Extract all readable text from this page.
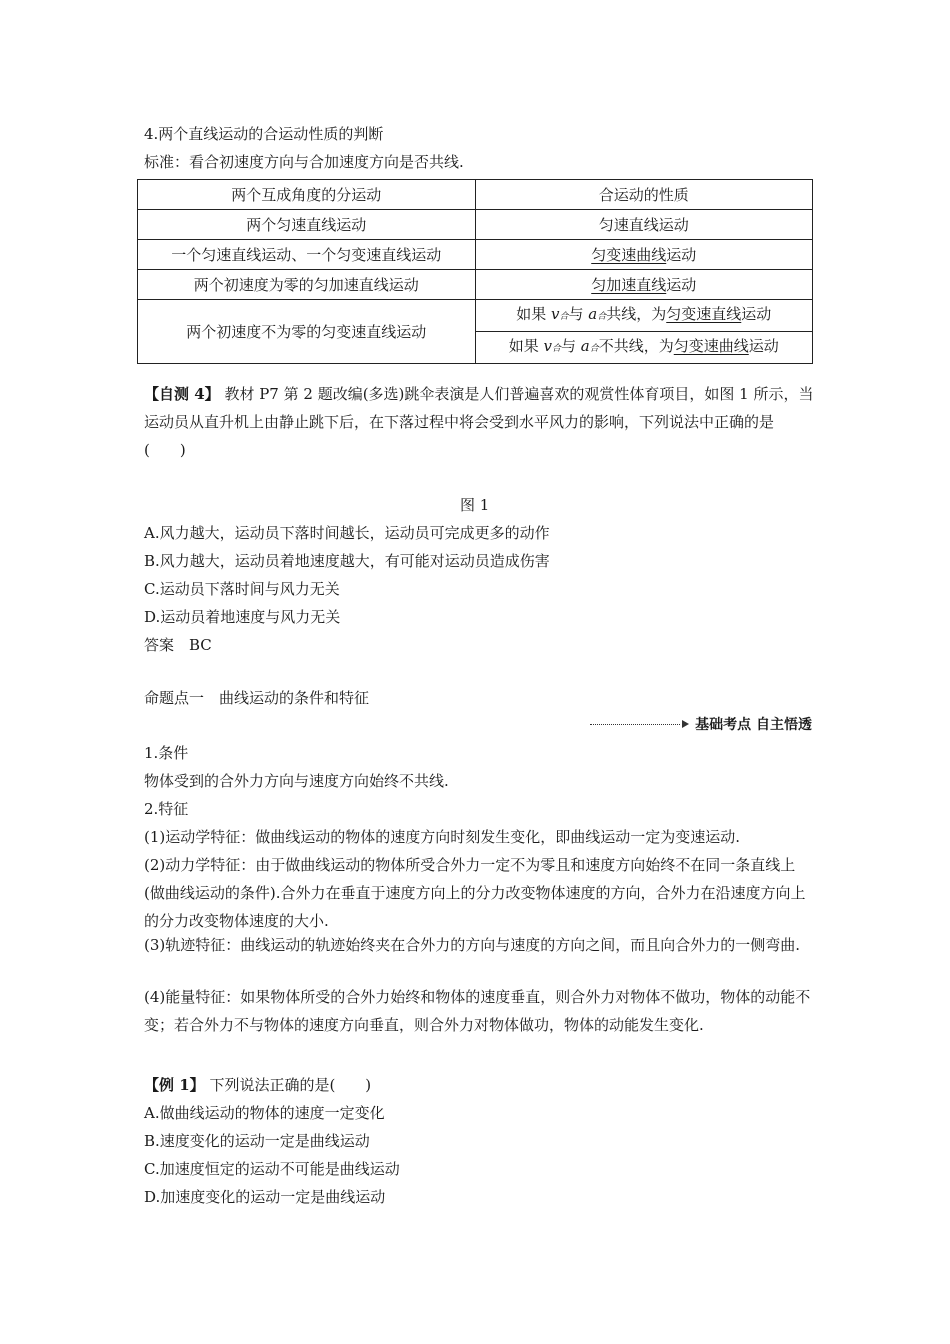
4.两个直线运动的合运动性质的判断
标准：看合初速度方向与合加速度方向是否共线.
两个互成角度的分运动	合运动的性质
两个匀速直线运动	匀速直线运动
一个匀速直线运动、一个匀变速直线运动	匀变速曲线运动
两个初速度为零的匀加速直线运动	匀加速直线运动
两个初速度不为零的匀变速直线运动	如果 v合与 a合共线，为匀变速直线运动
	如果 v合与 a合不共线，为匀变速曲线运动
【自测 4】 教材 P7 第 2 题改编(多选)跳伞表演是人们普遍喜欢的观赏性体育项目，如图 1 所示，当运动员从直升机上由静止跳下后，在下落过程中将会受到水平风力的影响，下列说法中正确的是(　　)
图 1
A.风力越大，运动员下落时间越长，运动员可完成更多的动作
B.风力越大，运动员着地速度越大，有可能对运动员造成伤害
C.运动员下落时间与风力无关
D.运动员着地速度与风力无关
答案　BC
命题点一　曲线运动的条件和特征
基础考点 自主悟透
1.条件
物体受到的合外力方向与速度方向始终不共线.
2.特征
(1)运动学特征：做曲线运动的物体的速度方向时刻发生变化，即曲线运动一定为变速运动.
(2)动力学特征：由于做曲线运动的物体所受合外力一定不为零且和速度方向始终不在同一条直线上(做曲线运动的条件).合外力在垂直于速度方向上的分力改变物体速度的方向，合外力在沿速度方向上的分力改变物体速度的大小.
(3)轨迹特征：曲线运动的轨迹始终夹在合外力的方向与速度的方向之间，而且向合外力的一侧弯曲.
(4)能量特征：如果物体所受的合外力始终和物体的速度垂直，则合外力对物体不做功，物体的动能不变；若合外力不与物体的速度方向垂直，则合外力对物体做功，物体的动能发生变化.
【例 1】 下列说法正确的是(　　)
A.做曲线运动的物体的速度一定变化
B.速度变化的运动一定是曲线运动
C.加速度恒定的运动不可能是曲线运动
D.加速度变化的运动一定是曲线运动
